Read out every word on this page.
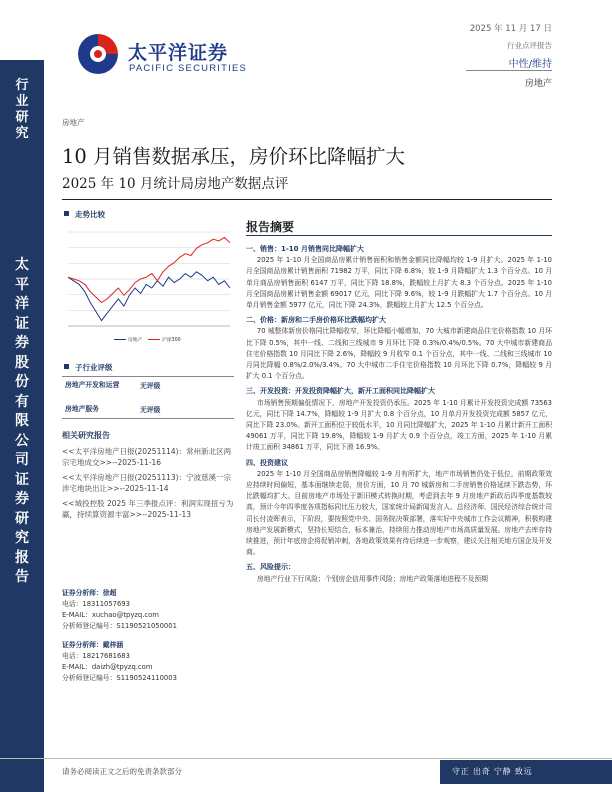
行
业
研
究
太
平
洋
证
券
股
份
有
限
公
司
证
券
研
究
报
告
太平洋证券
PACIFIC SECURITIES
2025 年 11 月 17 日
行业点评报告
中性/维持
房地产
房地产
10 月销售数据承压，房价环比降幅扩大
2025 年 10 月统计局房地产数据点评
走势比较
房地产	沪深300
子行业评级
房地产开发和运营	无评级
房地产服务	无评级
相关研究报告
<<太平洋房地产日报(20251114)：常州新北区两宗宅地成交>>--2025-11-16
<<太平洋房地产日报(20251113)：宁波慈溪一宗涉宅地块出让>>--2025-11-14
<<城投控股 2025 年三季报点评：利润实现扭亏为赢，持续算资源丰富>>--2025-11-13
证券分析师：徐超
电话：18311057693
E-MAIL：xuchao@tpyzq.com
分析师登记编号：S1190521050001
证券分析师：戴梓涵
电话：18217681683
E-MAIL：daizh@tpyzq.com
分析师登记编号：S1190524110003
报告摘要
一、销售：1-10 月销售同比降幅扩大
2025 年 1-10 月全国商品房累计销售面积和销售金额同比降幅均较 1-9 月扩大。2025 年 1-10 月全国商品房累计销售面积 71982 万平，同比下降 6.8%，较 1-9 月降幅扩大 1.3 个百分点。10 月单月商品房销售面积 6147 万平，同比下降 18.8%，跌幅较上月扩大 8.3 个百分点。2025 年 1-10 月全国商品房累计销售金额 69017 亿元，同比下降 9.6%，较 1-9 月跌幅扩大 1.7 个百分点。10 月单月销售金额 5977 亿元，同比下降 24.3%，跌幅较上月扩大 12.5 个百分点。
二、价格：新房和二手房价格环比跌幅均扩大
70 城整体新房价格同比降幅收窄，环比降幅小幅增加，70 大城市新建商品住宅价格指数 10 月环比下降 0.5%，其中一线、二线和三线城市 9 月环比下降 0.3%/0.4%/0.5%。70 大中城市新建商品住宅价格指数 10 月同比下降 2.6%，降幅较 9 月收窄 0.1 个百分点，其中一线、二线和三线城市 10 月同比降幅 0.8%/2.0%/3.4%。70 大中城市二手住宅价格指数 10 月环比下降 0.7%，降幅较 9 月扩大 0.1 个百分点。
三、开发投资：开发投资降幅扩大，新开工面积同比降幅扩大
市场销售预期偏低情况下，房地产开发投资仍承压。2025 年 1-10 月累计开发投资完成额 73563 亿元，同比下降 14.7%，降幅较 1-9 月扩大 0.8 个百分点，10 月单月开发投资完成额 5857 亿元，同比下降 23.0%。新开工面积位于较低水平，10 月同比降幅扩大，2025 年 1-10 月累计新开工面积 49061 万平，同比下降 19.8%，降幅较 1-9 月扩大 0.9 个百分点，竣工方面，2025 年 1-10 月累计竣工面积 34861 万平，同比下滑 16.9%。
四、投资建议
2025 年 1-10 月全国商品房销售降幅较 1-9 月有所扩大，地产市场销售仍处于低位，前期政策效应持续时间偏短，基本面继续走弱，房价方面，10 月 70 城新房和二手房销售价格延续下跌态势，环比跌幅均扩大。目前房地产市场处于新旧模式转换时期，考虑到去年 9 月房地产新政后四季度基数较高，预计今年四季度各项指标同比压力较大，国家统计局新闻发言人、总经济师、国民经济综合统计司司长付凌晖表示，下阶段，要按照党中央、国务院决策部署，落实好中央城市工作会议精神，积极构建房地产发展新模式，坚持长短结合，标本兼治，持续用力推动房地产市场高质量发展。房地产去库存持续推进，预计年底房企将促销冲刺，各地政策效果有待后续进一步观察，建议关注相关地方国企及开发商。
五、风险提示：
房地产行业下行风险；个别房企信用事件风险；房地产政策落地进程不及预期
请务必阅读正文之后的免责条款部分	守正 出奇 宁静 致远
